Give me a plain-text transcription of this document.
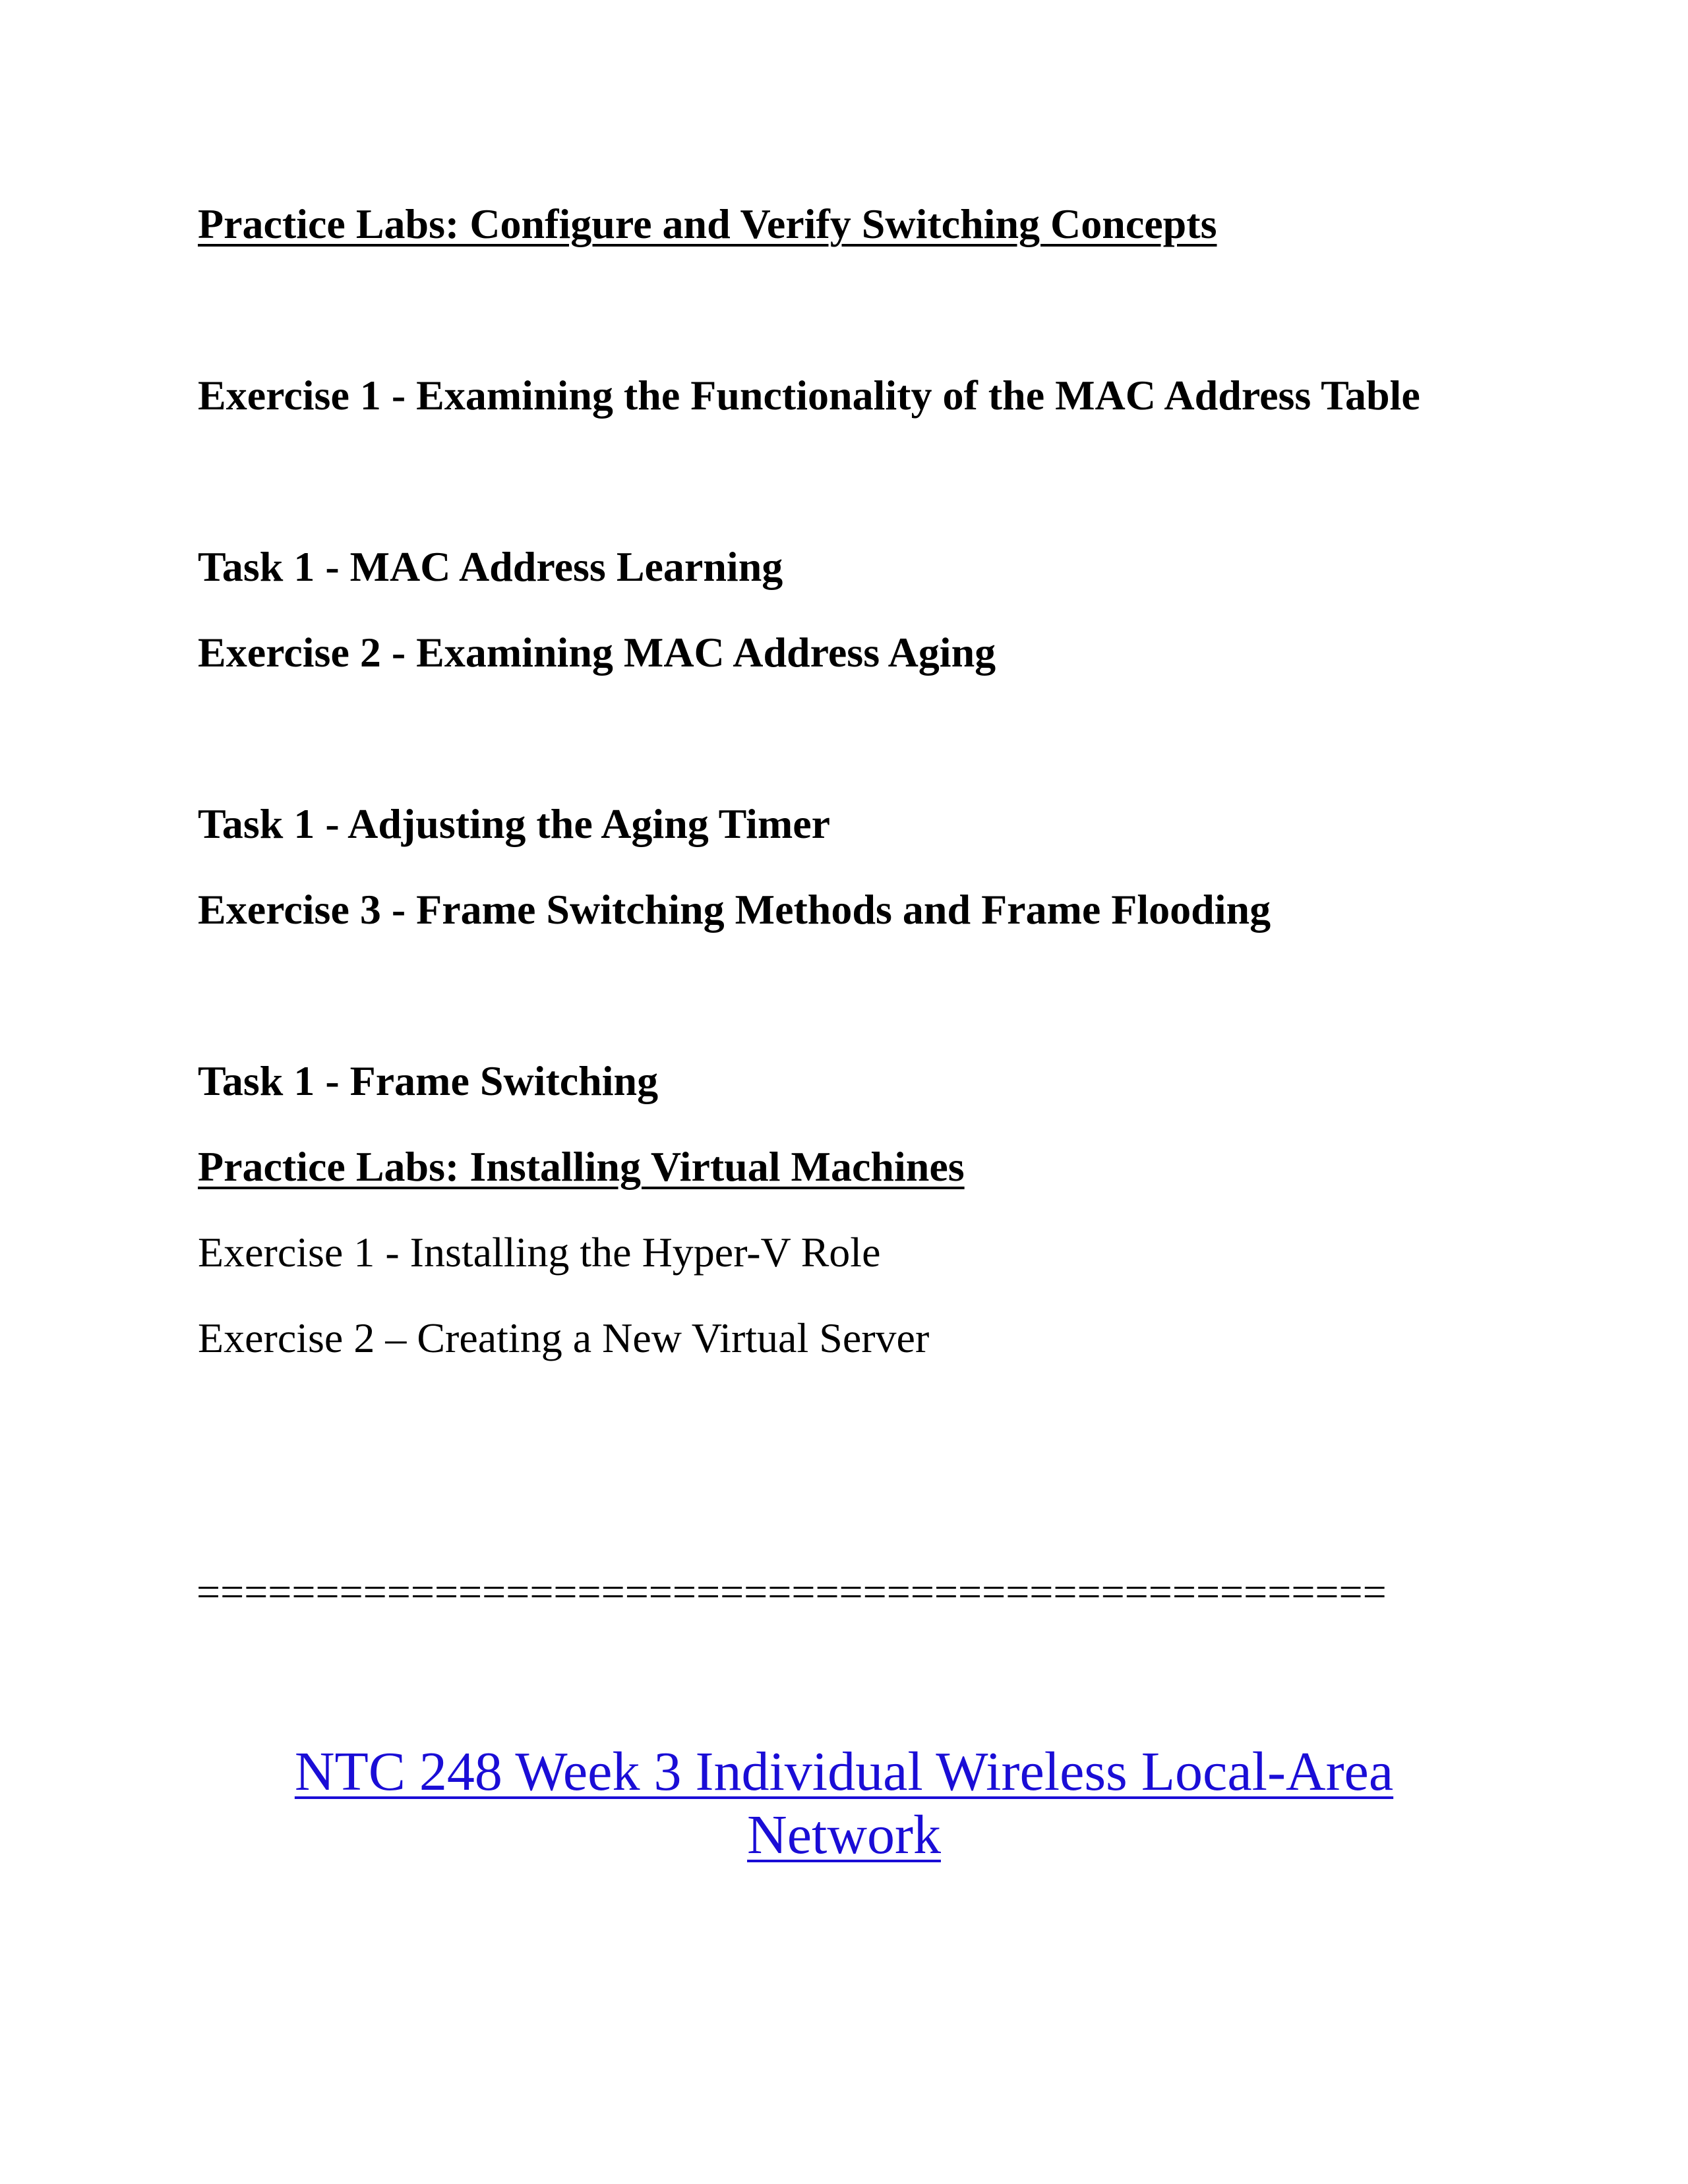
Practice Labs: Configure and Verify Switching Concepts
Exercise 1 - Examining the Functionality of the MAC Address Table
Task 1 - MAC Address Learning
Exercise 2 - Examining MAC Address Aging
Task 1 - Adjusting the Aging Timer
Exercise 3 - Frame Switching Methods and Frame Flooding
Task 1 - Frame Switching
Practice Labs: Installing Virtual Machines
Exercise 1 - Installing the Hyper-V Role
Exercise 2 – Creating a New Virtual Server
==================================================
NTC 248 Week 3 Individual Wireless Local-Area
Network
